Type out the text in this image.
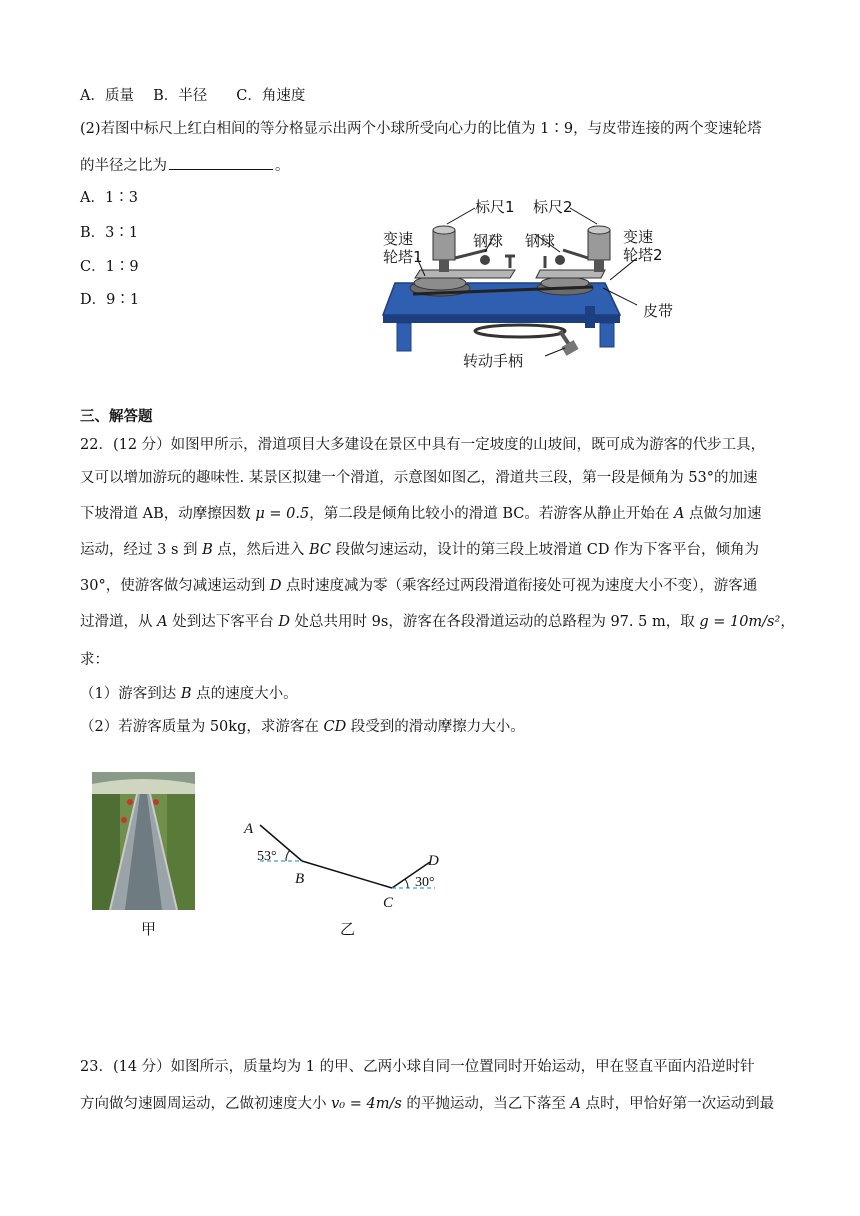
A．质量　 B．半径　　C．角速度
(2)若图中标尺上红白相间的等分格显示出两个小球所受向心力的比值为 1∶9，与皮带连接的两个变速轮塔
的半径之比为	。
A．1∶3
B．3∶1
C．1∶9
D．9∶1
标尺1 标尺2
钢球 钢球
变速
轮塔1
变速
轮塔2
皮带
转动手柄
三、解答题
22．(12 分）如图甲所示，滑道项目大多建设在景区中具有一定坡度的山坡间，既可成为游客的代步工具，
又可以增加游玩的趣味性. 某景区拟建一个滑道，示意图如图乙，滑道共三段，第一段是倾角为 53°的加速
下坡滑道 AB，动摩擦因数 μ = 0.5，第二段是倾角比较小的滑道 BC。若游客从静止开始在 A 点做匀加速
运动，经过 3 s 到 B 点，然后进入 BC 段做匀速运动，设计的第三段上坡滑道 CD 作为下客平台，倾角为
30°，使游客做匀减速运动到 D 点时速度减为零（乘客经过两段滑道衔接处可视为速度大小不变），游客通
过滑道，从 A 处到达下客平台 D 处总共用时 9s，游客在各段滑道运动的总路程为 97. 5 m，取 g = 10m/s²，
求：
（1）游客到达 B 点的速度大小。
（2）若游客质量为 50kg，求游客在 CD 段受到的滑动摩擦力大小。
甲
A
53°
B
C
30°
D
乙
23．(14 分）如图所示，质量均为 1 的甲、乙两小球自同一位置同时开始运动，甲在竖直平面内沿逆时针
方向做匀速圆周运动，乙做初速度大小 v₀ = 4m/s 的平抛运动，当乙下落至 A 点时，甲恰好第一次运动到最
